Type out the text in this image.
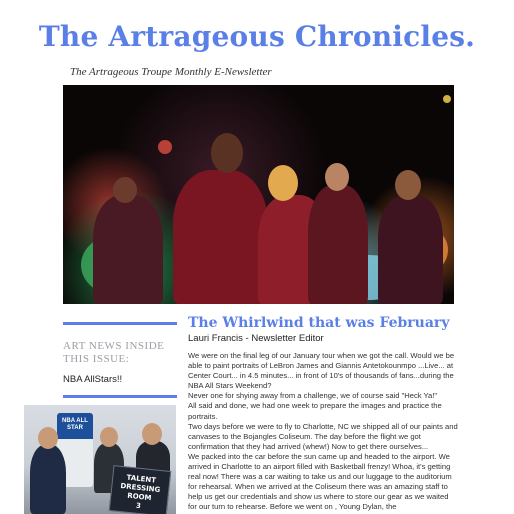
The Artrageous Chronicles.
The Artrageous Troupe Monthly E-Newsletter
ART NEWS INSIDE THIS ISSUE:
NBA AllStars!!
NBA ALL STAR
TALENT
DRESSING ROOM
3
The Whirlwind that was February
Lauri Francis - Newsletter Editor

We were on the final leg of our January tour when we got the call. Would we be able to paint portraits of LeBron James and Giannis Antetokounmpo ...Live... at Center Court... in 4.5 minutes... in front of 10's of thousands of fans...during the NBA All Stars Weekend?

Never one for shying away from a challenge, we of course said "Heck Ya!"

All said and done, we had one week to prepare the images and practice the portraits.

Two days before we were to fly to Charlotte, NC we shipped all of our paints and canvases to the Bojangles Coliseum. The day before the flight we got confirmation that they had arrived (whew!) Now to get there ourselves...

We packed into the car before the sun came up and headed to the airport. We arrived in Charlotte to an airport filled with Basketball frenzy! Whoa, it's getting real now! There was a car waiting to take us and our luggage to the auditorium for rehearsal. When we arrived at the Coliseum there was an amazing staff to help us get our credentials and show us where to store our gear as we waited for our turn to rehearse. Before we went on , Young Dylan, the
